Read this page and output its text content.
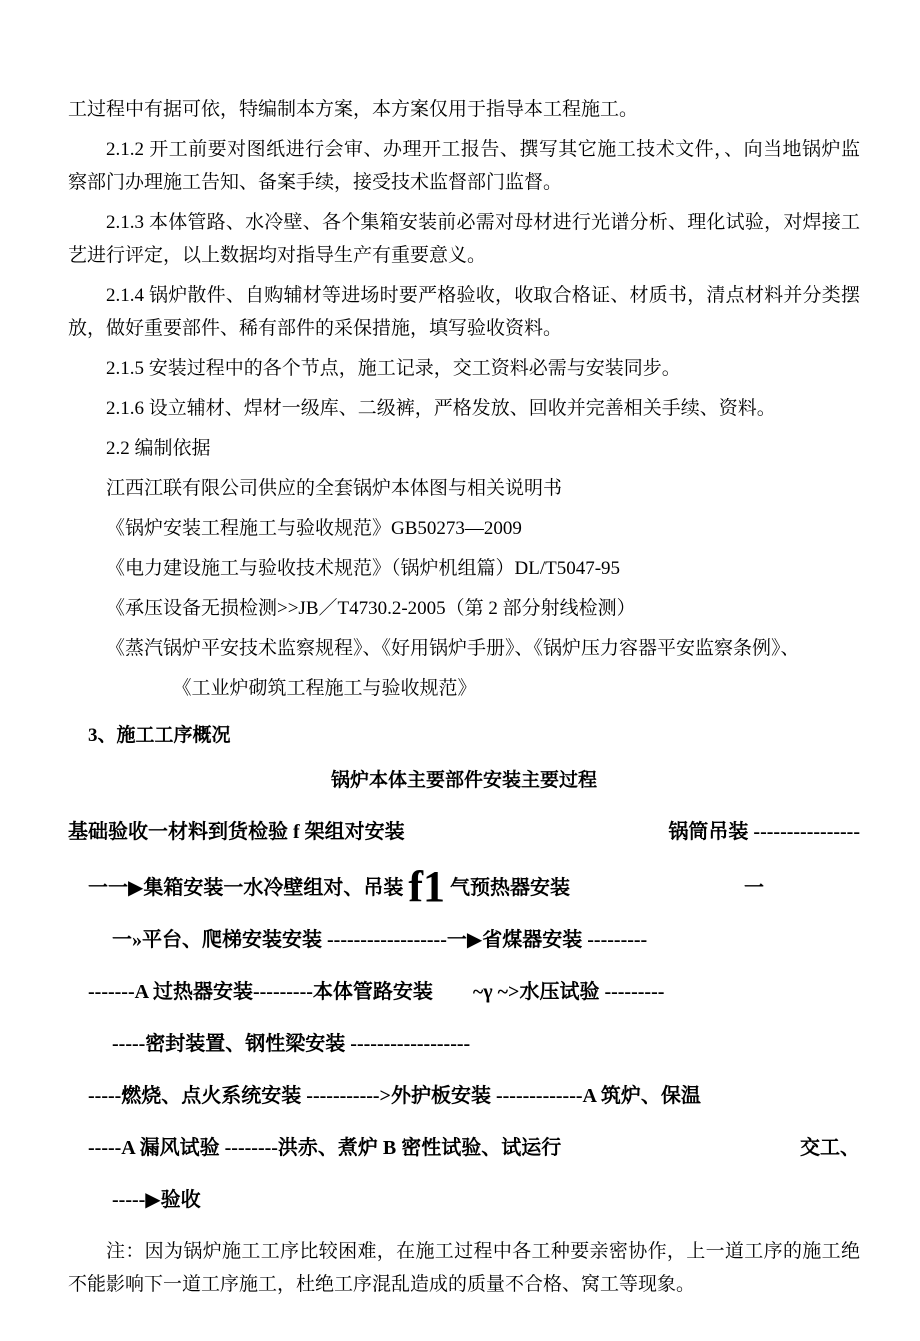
工过程中有据可依，特编制本方案，本方案仅用于指导本工程施工。

2.1.2 开工前要对图纸进行会审、办理开工报告、撰写其它施工技术文件，、向当地锅炉监察部门办理施工告知、备案手续，接受技术监督部门监督。

2.1.3 本体管路、水冷壁、各个集箱安装前必需对母材进行光谱分析、理化试验，对焊接工艺进行评定，以上数据均对指导生产有重要意义。

2.1.4 锅炉散件、自购辅材等进场时要严格验收，收取合格证、材质书，清点材料并分类摆放，做好重要部件、稀有部件的采保措施，填写验收资料。

2.1.5 安装过程中的各个节点，施工记录，交工资料必需与安装同步。

2.1.6 设立辅材、焊材一级库、二级裤，严格发放、回收并完善相关手续、资料。

2.2 编制依据

江西江联有限公司供应的全套锅炉本体图与相关说明书

《锅炉安装工程施工与验收规范》GB50273—2009

《电力建设施工与验收技术规范》（锅炉机组篇）DL/T5047-95

《承压设备无损检测>>JB／T4730.2-2005（第 2 部分射线检测）

《蒸汽锅炉平安技术监察规程》、《好用锅炉手册》、《锅炉压力容器平安监察条例》、

《工业炉砌筑工程施工与验收规范》

3、施工工序概况
锅炉本体主要部件安装主要过程
基础验收一材料到货检验 f 架组对安装	锅筒吊装 ----------------
一一▶集箱安装一水冷壁组对、吊装 f1 气预热器安装	一
一»平台、爬梯安装安装 ------------------一▶省煤器安装 ---------
-------A 过热器安装---------本体管路安装        ~γ ~>水压试验 ---------
-----密封装置、钢性梁安装 ------------------
-----燃烧、点火系统安装 ----------->外护板安装 -------------A 筑炉、保温
-----A 漏风试验 --------洪赤、煮炉 B 密性试验、试运行	交工、
-----▶验收

注：因为锅炉施工工序比较困难，在施工过程中各工种要亲密协作，上一道工序的施工绝不能影响下一道工序施工，杜绝工序混乱造成的质量不合格、窝工等现象。
